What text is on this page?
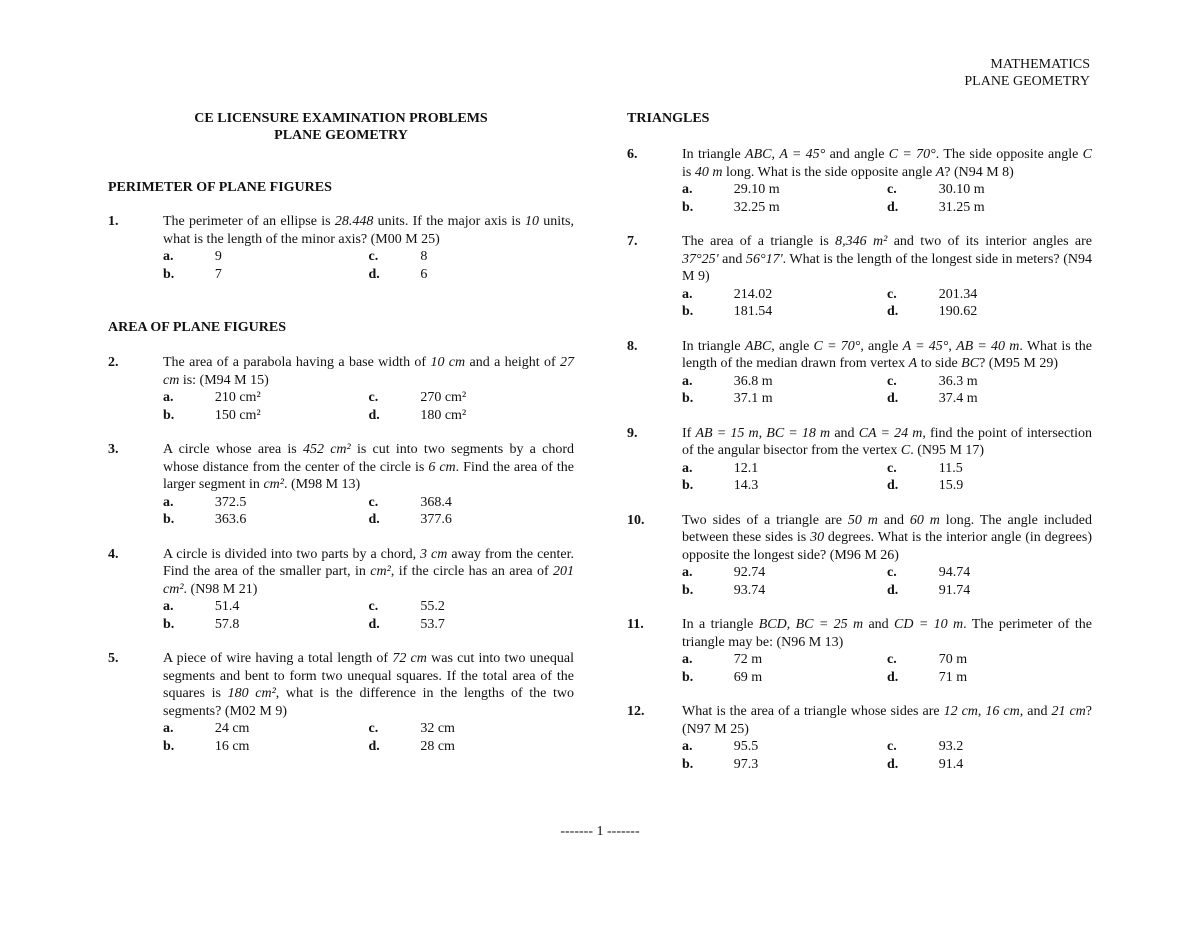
MATHEMATICS
PLANE GEOMETRY
CE LICENSURE EXAMINATION PROBLEMS
PLANE GEOMETRY
PERIMETER OF PLANE FIGURES
1.	The perimeter of an ellipse is 28.448 units. If the major axis is 10 units, what is the length of the minor axis? (M00 M 25)
a.	9	c.	8
b.	7	d.	6
AREA OF PLANE FIGURES
2.	The area of a parabola having a base width of 10 cm and a height of 27 cm is: (M94 M 15)
a.	210 cm²	c.	270 cm²
b.	150 cm²	d.	180 cm²
3.	A circle whose area is 452 cm² is cut into two segments by a chord whose distance from the center of the circle is 6 cm. Find the area of the larger segment in cm². (M98 M 13)
a.	372.5	c.	368.4
b.	363.6	d.	377.6
4.	A circle is divided into two parts by a chord, 3 cm away from the center. Find the area of the smaller part, in cm², if the circle has an area of 201 cm². (N98 M 21)
a.	51.4	c.	55.2
b.	57.8	d.	53.7
5.	A piece of wire having a total length of 72 cm was cut into two unequal segments and bent to form two unequal squares. If the total area of the squares is 180 cm², what is the difference in the lengths of the two segments? (M02 M 9)
a.	24 cm	c.	32 cm
b.	16 cm	d.	28 cm
TRIANGLES
6.	In triangle ABC, A = 45° and angle C = 70°. The side opposite angle C is 40 m long. What is the side opposite angle A? (N94 M 8)
a.	29.10 m	c.	30.10 m
b.	32.25 m	d.	31.25 m
7.	The area of a triangle is 8,346 m² and two of its interior angles are 37°25' and 56°17'. What is the length of the longest side in meters? (N94 M 9)
a.	214.02	c.	201.34
b.	181.54	d.	190.62
8.	In triangle ABC, angle C = 70°, angle A = 45°, AB = 40 m. What is the length of the median drawn from vertex A to side BC? (M95 M 29)
a.	36.8 m	c.	36.3 m
b.	37.1 m	d.	37.4 m
9.	If AB = 15 m, BC = 18 m and CA = 24 m, find the point of intersection of the angular bisector from the vertex C. (N95 M 17)
a.	12.1	c.	11.5
b.	14.3	d.	15.9
10.	Two sides of a triangle are 50 m and 60 m long. The angle included between these sides is 30 degrees. What is the interior angle (in degrees) opposite the longest side? (M96 M 26)
a.	92.74	c.	94.74
b.	93.74	d.	91.74
11.	In a triangle BCD, BC = 25 m and CD = 10 m. The perimeter of the triangle may be: (N96 M 13)
a.	72 m	c.	70 m
b.	69 m	d.	71 m
12.	What is the area of a triangle whose sides are 12 cm, 16 cm, and 21 cm? (N97 M 25)
a.	95.5	c.	93.2
b.	97.3	d.	91.4
------- 1 -------
